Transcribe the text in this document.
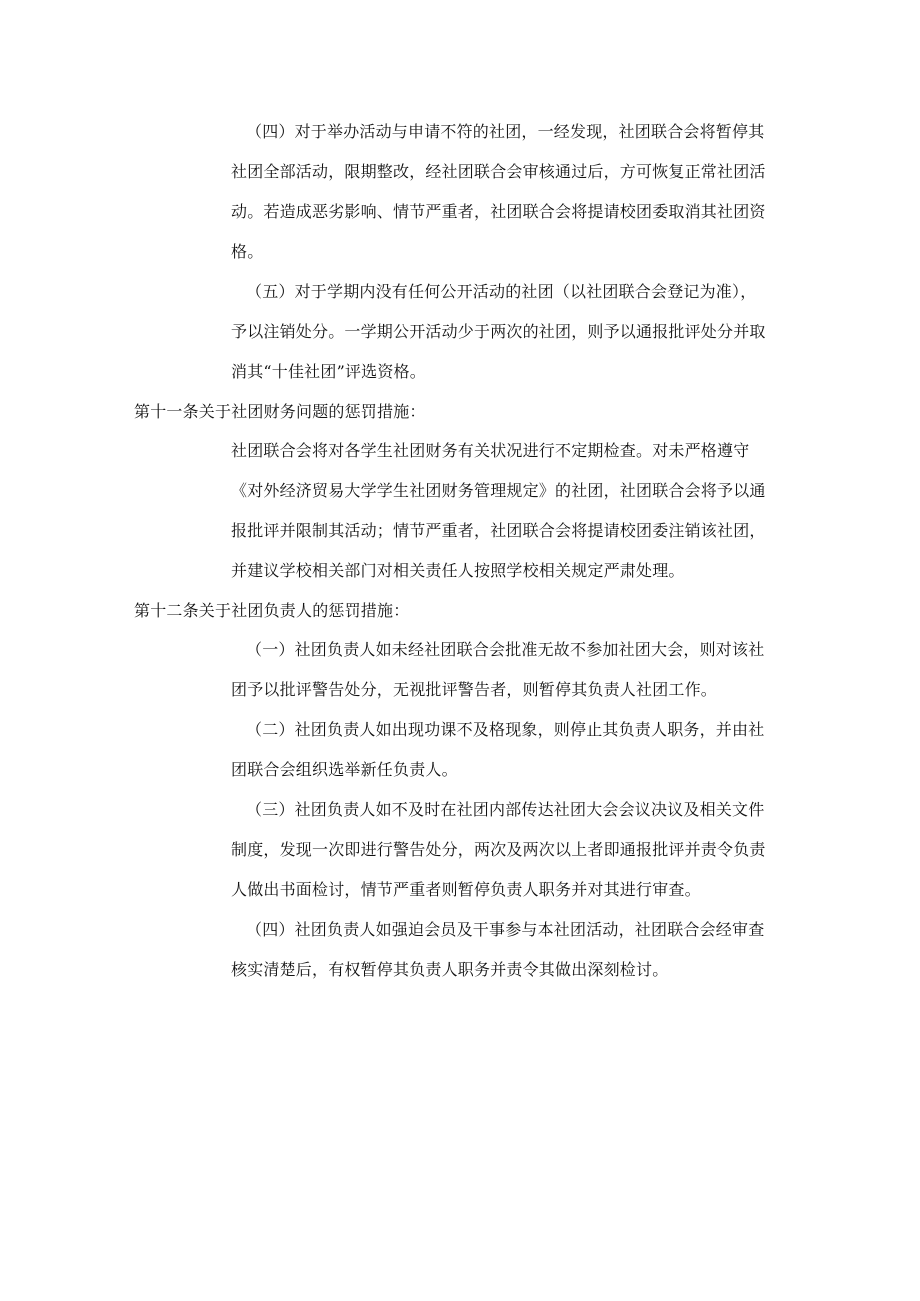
（四）对于举办活动与申请不符的社团，一经发现，社团联合会将暂停其
社团全部活动，限期整改，经社团联合会审核通过后，方可恢复正常社团活
动。若造成恶劣影响、情节严重者，社团联合会将提请校团委取消其社团资
格。
（五）对于学期内没有任何公开活动的社团（以社团联合会登记为准），
予以注销处分。一学期公开活动少于两次的社团，则予以通报批评处分并取
消其“十佳社团”评选资格。
第十一条关于社团财务问题的惩罚措施：
社团联合会将对各学生社团财务有关状况进行不定期检查。对未严格遵守
《对外经济贸易大学学生社团财务管理规定》的社团，社团联合会将予以通
报批评并限制其活动；情节严重者，社团联合会将提请校团委注销该社团，
并建议学校相关部门对相关责任人按照学校相关规定严肃处理。
第十二条关于社团负责人的惩罚措施：
（一）社团负责人如未经社团联合会批准无故不参加社团大会，则对该社
团予以批评警告处分，无视批评警告者，则暂停其负责人社团工作。
（二）社团负责人如出现功课不及格现象，则停止其负责人职务，并由社
团联合会组织选举新任负责人。
（三）社团负责人如不及时在社团内部传达社团大会会议决议及相关文件
制度，发现一次即进行警告处分，两次及两次以上者即通报批评并责令负责
人做出书面检讨，情节严重者则暂停负责人职务并对其进行审查。
（四）社团负责人如强迫会员及干事参与本社团活动，社团联合会经审查
核实清楚后，有权暂停其负责人职务并责令其做出深刻检讨。
